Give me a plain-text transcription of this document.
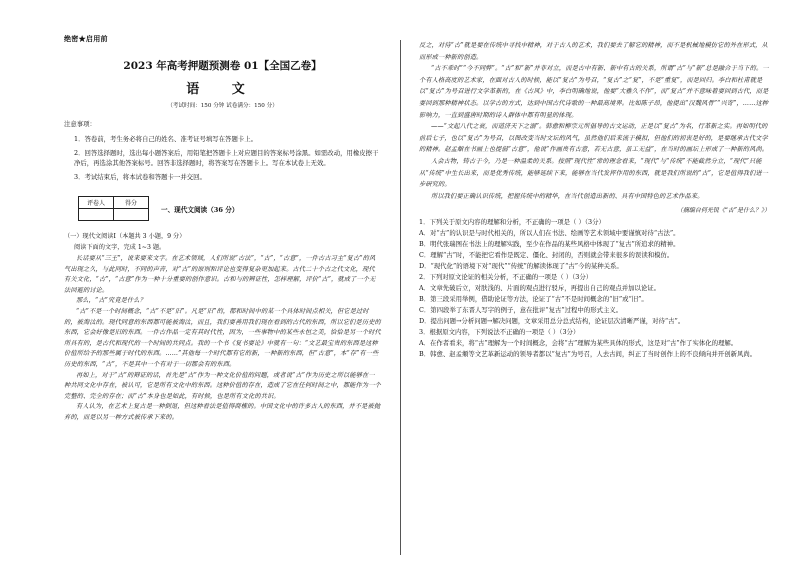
绝密★启用前
2023 年高考押题预测卷 01【全国乙卷】
语 文
（考试时间：150 分钟 试卷满分：150 分）
注意事项：

1．答卷前，考生务必将自己的姓名、准考证号填写在答题卡上。

2．回答选择题时，选出每小题答案后，用铅笔把答题卡上对应题目的答案标号涂黑。如需改动，用橡皮擦干净后，再选涂其他答案标号。回答非选择题时，将答案写在答题卡上。写在本试卷上无效。

3．考试结束后，将本试卷和答题卡一并交回。

评卷人	得分

一、现代文阅读（36 分）
（一）现代文阅读Ⅰ（本题共 3 小题，9 分）
阅读下面的文字，完成 1~3 题。

长话要从“三王”，说来要来文字。在艺术领域，人们所说“古法”，“古”，“古意”，一件古古习主“复古”的风气出现之久，与此同时，不同的声音，对“古”的原则和评论也变得复杂更加起来。古代二十个古之代文化，现代有关文化，“古”，“古意”作为一种十分重要的创作意识。古和与的辨证性，怎样理解，评价“古”，就成了一个无法回避的讨论。

那么，“古”究竟是什么？

“古”不是一个时间概念，“古”不是“旧”。凡是“旧”的，都和时间中的某一个具体时间点相关，但它是过时的，被淘汰的。现代同意的东西都可能被淘汰，而且，我们要善用我们现在看到的古代的东西，所以它们是历史的东西，它会好像是旧的东西。一件古作品一定有其时代性，因为，一些事物中的某些永恒之美，恰恰是另一个时代所具有的，是古代和现代的一个时间的共同点。我的一个书《复书要论》中就有一句：“文艺最宝贵的东西是这种价值所给予的那些属于时代的东西。……”其他每一个时代都有它的新，一种新的东西，但“古意”，本“存”有一些历史的东西，“古”，不是其中一个有对于一切都会有的东西。

再如上，对于“古”的辩证的话，首先是“古”作为一种文化价值的问题，或者说“古”作为历史之所以能够在一种共同文化中存在，被认可，它是所有文化中的东西。这种价值的存在，造成了它在任何时间之中，都能作为一个完整的、完全的存在；而“古”本身也是如此，有时候，也是所有文化的共识。

有人认为，在艺术上复古是一种倒退，但这种看法是值得商榷的。中国文化中的许多古人的东西，并不是被抛弃的，而是以另一种方式被传承下来的。

反之，对待“古”就是要在传统中寻找中精神，对于古人的艺术，我们要去了解它的精神，而不是机械地模仿它的外在形式，从而形成一种新的创造。

“古不乖时”“今不同弊”。“古”和“新”并非对立，而是古中有新、新中有古的关系，所谓“古”与“新”总是融合于当下的。一个有人格高度的艺术家，在面对古人的时候，能以“复古”为号召，“复古”之“复”，不是“重复”，而是回归。李白和杜甫就是以“复古”为号召进行文学革新的，在《古风》中，李白明确地说，他要“大雅久不作”，而“复古”并不意味着要回到古代，而是要回到那种精神状态。以学古的方式，达到中国古代诗歌的一种最高境界。比如陈子昂，他提出“汉魏风骨”“兴寄”，……这种影响力，一直到盛唐时期的诗人群体中都有明显的体现。

——“文起八代之衰，而道济天下之溺”。韩愈和柳宗元所倡导的古文运动，正是以“复古”为名，行革新之实。再如明代的前后七子，也以“复古”为号召，以图改变当时文坛的风气，虽然他们后来流于模拟，但他们的初衷是好的，是要继承古代文学的精神。赵孟頫在书画上也提倡“古意”，他说“作画贵有古意，若无古意，虽工无益”，在当时的画坛上形成了一种新的风尚。

人会古物，铸古于今，乃是一种温柔的关系。按照“现代性”常的理念看来，“现代”与“传统”不能截然分立，“现代”只能从“传统”中生长出来，而是优秀传统，能够延续下来，能够在当代发挥作用的东西，就是我们所说的“古”，它是值得我们进一步研究的。

所以我们要正确认识传统，把握传统中的精华，在当代创造出新的、具有中国特色的艺术作品来。

（摘编自何光锐《“古”是什么？》）

1．下列关于原文内容的理解和分析，不正确的一项是（ ）（3分）

A．对“古”的认识是与时代相关的，所以人们在书法、绘画等艺术领域中要谨慎对待“古法”。

B．明代张瑞图在书法上的理解实践，至少在作品的某些风格中体现了“复古”所追求的精神。

C．理解“古”时，不能把它看作是既定、僵化、封闭的，否则就会带来很多的误读和模仿。

D．“现代化”的语境下对“现代”“传统”的解读体现了“古”今的某种关系。

2．下列对原文论证的相关分析，不正确的一项是（ ）（3分）

A．文章先破后立，对肤浅的、片面的观点进行驳斥，再提出自己的观点并加以论证。

B．第三段采用举例，借助论证等方法，论证了“古”不是时间概念的“旧”或“旧”。

C．第四段举了东晋人写字的例子，意在批评“复古”过程中的形式主义。

D．提出问题→分析问题→解决问题，文章采用总分总式结构，论证层次清晰严谨，对待“古”。

3．根据原文内容，下列说法不正确的一项是（ ）（3分）

A．在作者看来，将“古”理解为一个时间概念，会将“古”理解为某些具体的形式，这是对“古”作了实体化的理解。

B．韩愈、赵孟頫等文艺革新运动的领导者都以“复古”为号召，人去古间，纠正了当时创作上的不良倾向并开创新风尚。
